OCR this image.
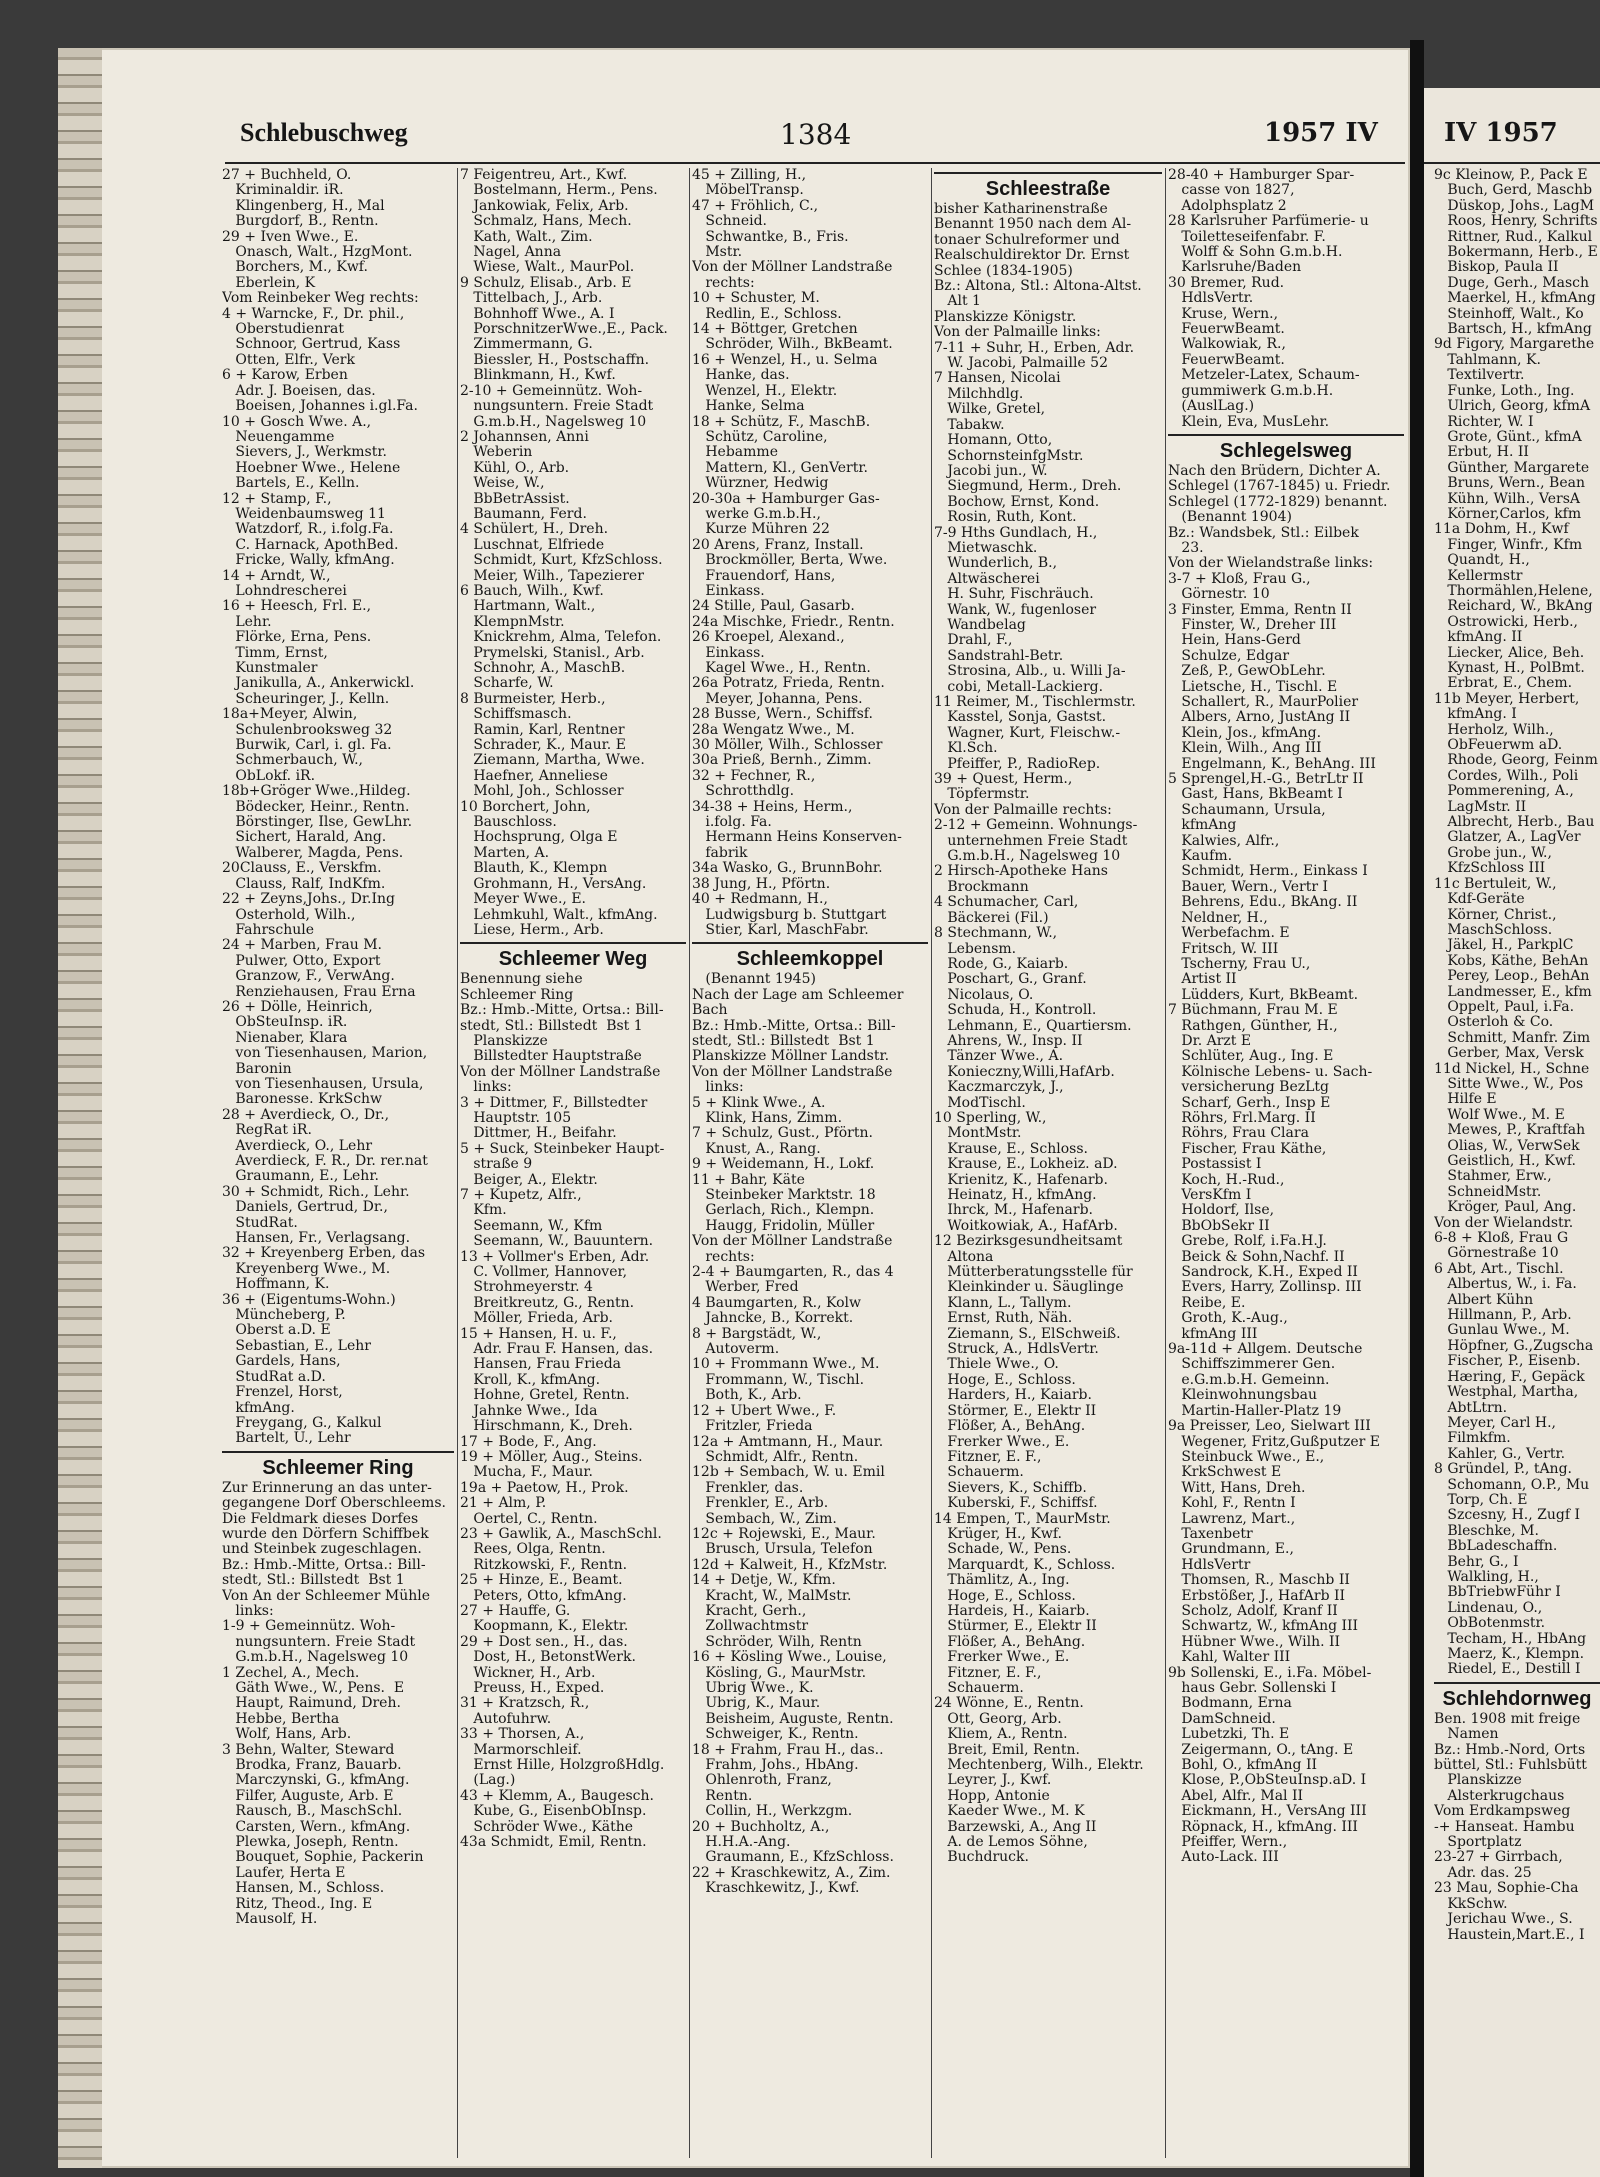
Schlebuschweg	1384	1957 IV	IV 1957
27 + Buchheld, O.
Kriminaldir. iR.
Klingenberg, H., Mal
Burgdorf, B., Rentn.
29 + Iven Wwe., E.
Onasch, Walt., HzgMont.
Borchers, M., Kwf.
Eberlein, K
Vom Reinbeker Weg rechts:
4 + Warncke, F., Dr. phil.,
Oberstudienrat
Schnoor, Gertrud, Kass
Otten, Elfr., Verk
6 + Karow, Erben
Adr. J. Boeisen, das.
Boeisen, Johannes i.gl.Fa.
10 + Gosch Wwe. A.,
Neuengamme
Sievers, J., Werkmstr.
Hoebner Wwe., Helene
Bartels, E., Kelln.
12 + Stamp, F.,
Weidenbaumsweg 11
Watzdorf, R., i.folg.Fa.
C. Harnack, ApothBed.
Fricke, Wally, kfmAng.
14 + Arndt, W.,
Lohndrescherei
16 + Heesch, Frl. E.,
Lehr.
Flörke, Erna, Pens.
Timm, Ernst,
Kunstmaler
Janikulla, A., Ankerwickl.
Scheuringer, J., Kelln.
18a+Meyer, Alwin,
Schulenbrooksweg 32
Burwik, Carl, i. gl. Fa.
Schmerbauch, W.,
ObLokf. iR.
18b+Gröger Wwe.,Hildeg.
Bödecker, Heinr., Rentn.
Börstinger, Ilse, GewLhr.
Sichert, Harald, Ang.
Walberer, Magda, Pens.
20Clauss, E., Verskfm.
Clauss, Ralf, IndKfm.
22 + Zeyns,Johs., Dr.Ing
Osterhold, Wilh.,
Fahrschule
24 + Marben, Frau M.
Pulwer, Otto, Export
Granzow, F., VerwAng.
Renziehausen, Frau Erna
26 + Dölle, Heinrich,
ObSteuInsp. iR.
Nienaber, Klara
von Tiesenhausen, Marion,
Baronin
von Tiesenhausen, Ursula,
Baronesse. KrkSchw
28 + Averdieck, O., Dr.,
RegRat iR.
Averdieck, O., Lehr
Averdieck, F. R., Dr. rer.nat
Graumann, E., Lehr.
30 + Schmidt, Rich., Lehr.
Daniels, Gertrud, Dr.,
StudRat.
Hansen, Fr., Verlagsang.
32 + Kreyenberg Erben, das
Kreyenberg Wwe., M.
Hoffmann, K.
36 + (Eigentums-Wohn.)
Müncheberg, P.
Oberst a.D. E
Sebastian, E., Lehr
Gardels, Hans,
StudRat a.D.
Frenzel, Horst,
kfmAng.
Freygang, G., Kalkul
Bartelt, U., Lehr
Schleemer Ring
Zur Erinnerung an das unter-
gegangene Dorf Oberschleems.
Die Feldmark dieses Dorfes
wurde den Dörfern Schiffbek
und Steinbek zugeschlagen.
Bz.: Hmb.-Mitte, Ortsa.: Bill-
stedt, Stl.: Billstedt  Bst 1
Von An der Schleemer Mühle
links:
1-9 + Gemeinnütz. Woh-
nungsuntern. Freie Stadt
G.m.b.H., Nagelsweg 10
1 Zechel, A., Mech.
Gäth Wwe., W., Pens.  E
Haupt, Raimund, Dreh.
Hebbe, Bertha
Wolf, Hans, Arb.
3 Behn, Walter, Steward
Brodka, Franz, Bauarb.
Marczynski, G., kfmAng.
Filfer, Auguste, Arb. E
Rausch, B., MaschSchl.
Carsten, Wern., kfmAng.
Plewka, Joseph, Rentn.
Bouquet, Sophie, Packerin
Laufer, Herta E
Hansen, M., Schloss.
Ritz, Theod., Ing. E
Mausolf, H.
7 Feigentreu, Art., Kwf.
Bostelmann, Herm., Pens.
Jankowiak, Felix, Arb.
Schmalz, Hans, Mech.
Kath, Walt., Zim.
Nagel, Anna
Wiese, Walt., MaurPol.
9 Schulz, Elisab., Arb. E
Tittelbach, J., Arb.
Bohnhoff Wwe., A. I
PorschnitzerWwe.,E., Pack.
Zimmermann, G.
Biessler, H., Postschaffn.
Blinkmann, H., Kwf.
2-10 + Gemeinnütz. Woh-
nungsuntern. Freie Stadt
G.m.b.H., Nagelsweg 10
2 Johannsen, Anni
Weberin
Kühl, O., Arb.
Weise, W.,
BbBetrAssist.
Baumann, Ferd.
4 Schülert, H., Dreh.
Luschnat, Elfriede
Schmidt, Kurt, KfzSchloss.
Meier, Wilh., Tapezierer
6 Bauch, Wilh., Kwf.
Hartmann, Walt.,
KlempnMstr.
Knickrehm, Alma, Telefon.
Prymelski, Stanisl., Arb.
Schnohr, A., MaschB.
Scharfe, W.
8 Burmeister, Herb.,
Schiffsmasch.
Ramin, Karl, Rentner
Schrader, K., Maur. E
Ziemann, Martha, Wwe.
Haefner, Anneliese
Mohl, Joh., Schlosser
10 Borchert, John,
Bauschloss.
Hochsprung, Olga E
Marten, A.
Blauth, K., Klempn
Grohmann, H., VersAng.
Meyer Wwe., E.
Lehmkuhl, Walt., kfmAng.
Liese, Herm., Arb.
Schleemer Weg
Benennung siehe
Schleemer Ring
Bz.: Hmb.-Mitte, Ortsa.: Bill-
stedt, Stl.: Billstedt  Bst 1
Planskizze
Billstedter Hauptstraße
Von der Möllner Landstraße
links:
3 + Dittmer, F., Billstedter
Hauptstr. 105
Dittmer, H., Beifahr.
5 + Suck, Steinbeker Haupt-
straße 9
Beiger, A., Elektr.
7 + Kupetz, Alfr.,
Kfm.
Seemann, W., Kfm
Seemann, W., Bauuntern.
13 + Vollmer's Erben, Adr.
C. Vollmer, Hannover,
Strohmeyerstr. 4
Breitkreutz, G., Rentn.
Möller, Frieda, Arb.
15 + Hansen, H. u. F.,
Adr. Frau F. Hansen, das.
Hansen, Frau Frieda
Kroll, K., kfmAng.
Hohne, Gretel, Rentn.
Jahnke Wwe., Ida
Hirschmann, K., Dreh.
17 + Bode, F., Ang.
19 + Möller, Aug., Steins.
Mucha, F., Maur.
19a + Paetow, H., Prok.
21 + Alm, P.
Oertel, C., Rentn.
23 + Gawlik, A., MaschSchl.
Rees, Olga, Rentn.
Ritzkowski, F., Rentn.
25 + Hinze, E., Beamt.
Peters, Otto, kfmAng.
27 + Hauffe, G.
Koopmann, K., Elektr.
29 + Dost sen., H., das.
Dost, H., BetonstWerk.
Wickner, H., Arb.
Preuss, H., Exped.
31 + Kratzsch, R.,
Autofuhrw.
33 + Thorsen, A.,
Marmorschleif.
Ernst Hille, HolzgroßHdlg.
(Lag.)
43 + Klemm, A., Baugesch.
Kube, G., EisenbObInsp.
Schröder Wwe., Käthe
43a Schmidt, Emil, Rentn.
45 + Zilling, H.,
MöbelTransp.
47 + Fröhlich, C.,
Schneid.
Schwantke, B., Fris.
Mstr.
Von der Möllner Landstraße
rechts:
10 + Schuster, M.
Redlin, E., Schloss.
14 + Böttger, Gretchen
Schröder, Wilh., BkBeamt.
16 + Wenzel, H., u. Selma
Hanke, das.
Wenzel, H., Elektr.
Hanke, Selma
18 + Schütz, F., MaschB.
Schütz, Caroline,
Hebamme
Mattern, Kl., GenVertr.
Würzner, Hedwig
20-30a + Hamburger Gas-
werke G.m.b.H.,
Kurze Mühren 22
20 Arens, Franz, Install.
Brockmöller, Berta, Wwe.
Frauendorf, Hans,
Einkass.
24 Stille, Paul, Gasarb.
24a Mischke, Friedr., Rentn.
26 Kroepel, Alexand.,
Einkass.
Kagel Wwe., H., Rentn.
26a Potratz, Frieda, Rentn.
Meyer, Johanna, Pens.
28 Busse, Wern., Schiffsf.
28a Wengatz Wwe., M.
30 Möller, Wilh., Schlosser
30a Prieß, Bernh., Zimm.
32 + Fechner, R.,
Schrotthdlg.
34-38 + Heins, Herm.,
i.folg. Fa.
Hermann Heins Konserven-
fabrik
34a Wasko, G., BrunnBohr.
38 Jung, H., Pförtn.
40 + Redmann, H.,
Ludwigsburg b. Stuttgart
Stier, Karl, MaschFabr.
Schleemkoppel
(Benannt 1945)
Nach der Lage am Schleemer
Bach
Bz.: Hmb.-Mitte, Ortsa.: Bill-
stedt, Stl.: Billstedt  Bst 1
Planskizze Möllner Landstr.
Von der Möllner Landstraße
links:
5 + Klink Wwe., A.
Klink, Hans, Zimm.
7 + Schulz, Gust., Pförtn.
Knust, A., Rang.
9 + Weidemann, H., Lokf.
11 + Bahr, Käte
Steinbeker Marktstr. 18
Gerlach, Rich., Klempn.
Haugg, Fridolin, Müller
Von der Möllner Landstraße
rechts:
2-4 + Baumgarten, R., das 4
Werber, Fred
4 Baumgarten, R., Kolw
Jahncke, B., Korrekt.
8 + Bargstädt, W.,
Autoverm.
10 + Frommann Wwe., M.
Frommann, W., Tischl.
Both, K., Arb.
12 + Ubert Wwe., F.
Fritzler, Frieda
12a + Amtmann, H., Maur.
Schmidt, Alfr., Rentn.
12b + Sembach, W. u. Emil
Frenkler, das.
Frenkler, E., Arb.
Sembach, W., Zim.
12c + Rojewski, E., Maur.
Brusch, Ursula, Telefon
12d + Kalweit, H., KfzMstr.
14 + Detje, W., Kfm.
Kracht, W., MalMstr.
Kracht, Gerh.,
Zollwachtmstr
Schröder, Wilh, Rentn
16 + Kösling Wwe., Louise,
Kösling, G., MaurMstr.
Ubrig Wwe., K.
Ubrig, K., Maur.
Beisheim, Auguste, Rentn.
Schweiger, K., Rentn.
18 + Frahm, Frau H., das..
Frahm, Johs., HbAng.
Ohlenroth, Franz,
Rentn.
Collin, H., Werkzgm.
20 + Buchholtz, A.,
H.H.A.-Ang.
Graumann, E., KfzSchloss.
22 + Kraschkewitz, A., Zim.
Kraschkewitz, J., Kwf.
Schleestraße
bisher Katharinenstraße
Benannt 1950 nach dem Al-
tonaer Schulreformer und
Realschuldirektor Dr. Ernst
Schlee (1834-1905)
Bz.: Altona, Stl.: Altona-Altst.
Alt 1
Planskizze Königstr.
Von der Palmaille links:
7-11 + Suhr, H., Erben, Adr.
W. Jacobi, Palmaille 52
7 Hansen, Nicolai
Milchhdlg.
Wilke, Gretel,
Tabakw.
Homann, Otto,
SchornsteinfgMstr.
Jacobi jun., W.
Siegmund, Herm., Dreh.
Bochow, Ernst, Kond.
Rosin, Ruth, Kont.
7-9 Hths Gundlach, H.,
Mietwaschk.
Wunderlich, B.,
Altwäscherei
H. Suhr, Fischräuch.
Wank, W., fugenloser
Wandbelag
Drahl, F.,
Sandstrahl-Betr.
Strosina, Alb., u. Willi Ja-
cobi, Metall-Lackierg.
11 Reimer, M., Tischlermstr.
Kasstel, Sonja, Gastst.
Wagner, Kurt, Fleischw.-
Kl.Sch.
Pfeiffer, P., RadioRep.
39 + Quest, Herm.,
Töpfermstr.
Von der Palmaille rechts:
2-12 + Gemeinn. Wohnungs-
unternehmen Freie Stadt
G.m.b.H., Nagelsweg 10
2 Hirsch-Apotheke Hans
Brockmann
4 Schumacher, Carl,
Bäckerei (Fil.)
8 Stechmann, W.,
Lebensm.
Rode, G., Kaiarb.
Poschart, G., Granf.
Nicolaus, O.
Schuda, H., Kontroll.
Lehmann, E., Quartiersm.
Ahrens, W., Insp. II
Tänzer Wwe., A.
Konieczny,Willi,HafArb.
Kaczmarczyk, J.,
ModTischl.
10 Sperling, W.,
MontMstr.
Krause, E., Schloss.
Krause, E., Lokheiz. aD.
Krienitz, K., Hafenarb.
Heinatz, H., kfmAng.
Ihrck, M., Hafenarb.
Woitkowiak, A., HafArb.
12 Bezirksgesundheitsamt
Altona
Mütterberatungsstelle für
Kleinkinder u. Säuglinge
Klann, L., Tallym.
Ernst, Ruth, Näh.
Ziemann, S., ElSchweiß.
Struck, A., HdlsVertr.
Thiele Wwe., O.
Hoge, E., Schloss.
Harders, H., Kaiarb.
Störmer, E., Elektr II
Flößer, A., BehAng.
Frerker Wwe., E.
Fitzner, E. F.,
Schauerm.
Sievers, K., Schiffb.
Kuberski, F., Schiffsf.
14 Empen, T., MaurMstr.
Krüger, H., Kwf.
Schade, W., Pens.
Marquardt, K., Schloss.
Thämlitz, A., Ing.
Hoge, E., Schloss.
Hardeis, H., Kaiarb.
Stürmer, E., Elektr II
Flößer, A., BehAng.
Frerker Wwe., E.
Fitzner, E. F.,
Schauerm.
24 Wönne, E., Rentn.
Ott, Georg, Arb.
Kliem, A., Rentn.
Breit, Emil, Rentn.
Mechtenberg, Wilh., Elektr.
Leyrer, J., Kwf.
Hopp, Antonie
Kaeder Wwe., M. K
Barzewski, A., Ang II
A. de Lemos Söhne,
Buchdruck.
28-40 + Hamburger Spar-
casse von 1827,
Adolphsplatz 2
28 Karlsruher Parfümerie- u
Toiletteseifenfabr. F.
Wolff & Sohn G.m.b.H.
Karlsruhe/Baden
30 Bremer, Rud.
HdlsVertr.
Kruse, Wern.,
FeuerwBeamt.
Walkowiak, R.,
FeuerwBeamt.
Metzeler-Latex, Schaum-
gummiwerk G.m.b.H.
(AuslLag.)
Klein, Eva, MusLehr.
Schlegelsweg
Nach den Brüdern, Dichter A.
Schlegel (1767-1845) u. Friedr.
Schlegel (1772-1829) benannt.
(Benannt 1904)
Bz.: Wandsbek, Stl.: Eilbek
23.
Von der Wielandstraße links:
3-7 + Kloß, Frau G.,
Görnestr. 10
3 Finster, Emma, Rentn II
Finster, W., Dreher III
Hein, Hans-Gerd
Schulze, Edgar
Zeß, P., GewObLehr.
Lietsche, H., Tischl. E
Schallert, R., MaurPolier
Albers, Arno, JustAng II
Klein, Jos., kfmAng.
Klein, Wilh., Ang III
Engelmann, K., BehAng. III
5 Sprengel,H.-G., BetrLtr II
Gast, Hans, BkBeamt I
Schaumann, Ursula,
kfmAng
Kalwies, Alfr.,
Kaufm.
Schmidt, Herm., Einkass I
Bauer, Wern., Vertr I
Behrens, Edu., BkAng. II
Neldner, H.,
Werbefachm. E
Fritsch, W. III
Tscherny, Frau U.,
Artist II
Lüdders, Kurt, BkBeamt.
7 Büchmann, Frau M. E
Rathgen, Günther, H.,
Dr. Arzt E
Schlüter, Aug., Ing. E
Kölnische Lebens- u. Sach-
versicherung BezLtg
Scharf, Gerh., Insp E
Röhrs, Frl.Marg. II
Röhrs, Frau Clara
Fischer, Frau Käthe,
Postassist I
Koch, H.-Rud.,
VersKfm I
Holdorf, Ilse,
BbObSekr II
Grebe, Rolf, i.Fa.H.J.
Beick & Sohn,Nachf. II
Sandrock, K.H., Exped II
Evers, Harry, Zollinsp. III
Reibe, E.
Groth, K.-Aug.,
kfmAng III
9a-11d + Allgem. Deutsche
Schiffszimmerer Gen.
e.G.m.b.H. Gemeinn.
Kleinwohnungsbau
Martin-Haller-Platz 19
9a Preisser, Leo, Sielwart III
Wegener, Fritz,Gußputzer E
Steinbuck Wwe., E.,
KrkSchwest E
Witt, Hans, Dreh.
Kohl, F., Rentn I
Lawrenz, Mart.,
Taxenbetr
Grundmann, E.,
HdlsVertr
Thomsen, R., Maschb II
Erbstößer, J., HafArb II
Scholz, Adolf, Kranf II
Schwartz, W., kfmAng III
Hübner Wwe., Wilh. II
Kahl, Walter III
9b Sollenski, E., i.Fa. Möbel-
haus Gebr. Sollenski I
Bodmann, Erna
DamSchneid.
Lubetzki, Th. E
Zeigermann, O., tAng. E
Bohl, O., kfmAng II
Klose, P.,ObSteuInsp.aD. I
Abel, Alfr., Mal II
Eickmann, H., VersAng III
Röpnack, H., kfmAng. III
Pfeiffer, Wern.,
Auto-Lack. III
9c Kleinow, P., Pack E
Buch, Gerd, Maschb
Düskop, Johs., LagM
Roos, Henry, Schrifts
Rittner, Rud., Kalkul
Bokermann, Herb., E
Biskop, Paula II
Duge, Gerh., Masch
Maerkel, H., kfmAng
Steinhoff, Walt., Ko
Bartsch, H., kfmAng
9d Figory, Margarethe
Tahlmann, K.
Textilvertr.
Funke, Loth., Ing.
Ulrich, Georg, kfmA
Richter, W. I
Grote, Günt., kfmA
Erbut, H. II
Günther, Margarete
Bruns, Wern., Bean
Kühn, Wilh., VersA
Körner,Carlos, kfm
11a Dohm, H., Kwf
Finger, Winfr., Kfm
Quandt, H.,
Kellermstr
Thormählen,Helene,
Reichard, W., BkAng
Ostrowicki, Herb.,
kfmAng. II
Liecker, Alice, Beh.
Kynast, H., PolBmt.
Erbrat, E., Chem.
11b Meyer, Herbert,
kfmAng. I
Herholz, Wilh.,
ObFeuerwm aD.
Rhode, Georg, Feinm
Cordes, Wilh., Poli
Pommerening, A.,
LagMstr. II
Albrecht, Herb., Bau
Glatzer, A., LagVer
Grobe jun., W.,
KfzSchloss III
11c Bertuleit, W.,
Kdf-Geräte
Körner, Christ.,
MaschSchloss.
Jäkel, H., ParkplC
Kobs, Käthe, BehAn
Perey, Leop., BehAn
Landmesser, E., kfm
Oppelt, Paul, i.Fa.
Osterloh & Co.
Schmitt, Manfr. Zim
Gerber, Max, Versk
11d Nickel, H., Schne
Sitte Wwe., W., Pos
Hilfe E
Wolf Wwe., M. E
Mewes, P., Kraftfah
Olias, W., VerwSek
Geistlich, H., Kwf.
Stahmer, Erw.,
SchneidMstr.
Kröger, Paul, Ang.
Von der Wielandstr.
6-8 + Kloß, Frau G
Görnestraße 10
6 Abt, Art., Tischl.
Albertus, W., i. Fa.
Albert Kühn
Hillmann, P., Arb.
Gunlau Wwe., M.
Höpfner, G.,Zugscha
Fischer, P., Eisenb.
Hæring, F., Gepäck
Westphal, Martha,
AbtLtrn.
Meyer, Carl H.,
Filmkfm.
Kahler, G., Vertr.
8 Gründel, P., tAng.
Schomann, O.P., Mu
Torp, Ch. E
Szcesny, H., Zugf I
Bleschke, M.
BbLadeschaffn.
Behr, G., I
Walkling, H.,
BbTriebwFühr I
Lindenau, O.,
ObBotenmstr.
Techam, H., HbAng
Maerz, K., Klempn.
Riedel, E., Destill I
Schlehdornweg
Ben. 1908 mit freige
Namen
Bz.: Hmb.-Nord, Orts
büttel, Stl.: Fuhlsbütt
Planskizze
Alsterkrugchaus
Vom Erdkampsweg
-+ Hanseat. Hambu
Sportplatz
23-27 + Girrbach,
Adr. das. 25
23 Mau, Sophie-Cha
KkSchw.
Jerichau Wwe., S.
Haustein,Mart.E., I
